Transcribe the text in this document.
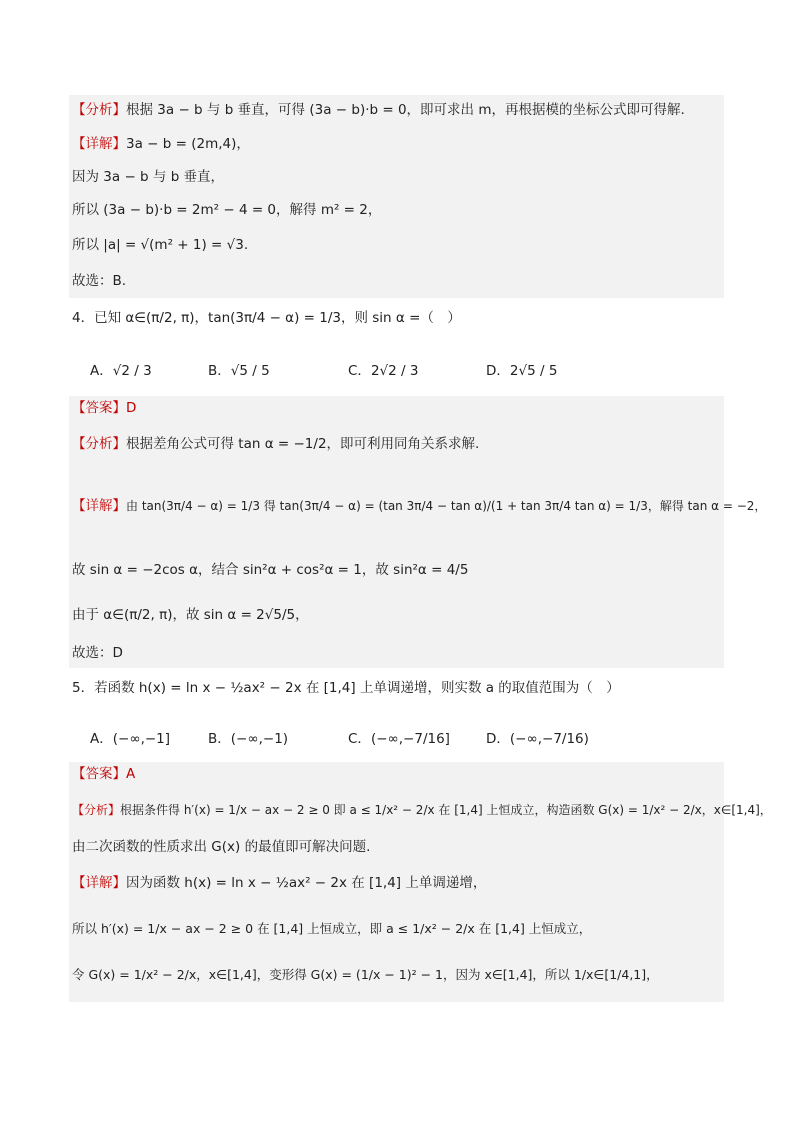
【分析】根据 3a − b 与 b 垂直，可得 (3a − b)·b = 0，即可求出 m，再根据模的坐标公式即可得解.
【详解】3a − b = (2m,4)，
因为 3a − b 与 b 垂直，
所以 (3a − b)·b = 2m² − 4 = 0，解得 m² = 2，
所以 |a| = √(m² + 1) = √3.
故选：B.
4．已知 α∈(π/2, π)，tan(3π/4 − α) = 1/3，则 sin α =（　）
A．√2 / 3	B．√5 / 5	C．2√2 / 3	D．2√5 / 5
【答案】D
【分析】根据差角公式可得 tan α = −1/2，即可利用同角关系求解.
【详解】由 tan(3π/4 − α) = 1/3 得 tan(3π/4 − α) = (tan 3π/4 − tan α)/(1 + tan 3π/4 tan α) = 1/3，解得 tan α = −2，
故 sin α = −2cos α，结合 sin²α + cos²α = 1，故 sin²α = 4/5
由于 α∈(π/2, π)，故 sin α = 2√5/5，
故选：D
5．若函数 h(x) = ln x − ½ax² − 2x 在 [1,4] 上单调递增，则实数 a 的取值范围为（　）
A．(−∞,−1]	B．(−∞,−1)	C．(−∞,−7/16]	D．(−∞,−7/16)
【答案】A
【分析】根据条件得 h′(x) = 1/x − ax − 2 ≥ 0 即 a ≤ 1/x² − 2/x 在 [1,4] 上恒成立，构造函数 G(x) = 1/x² − 2/x，x∈[1,4]，
由二次函数的性质求出 G(x) 的最值即可解决问题.
【详解】因为函数 h(x) = ln x − ½ax² − 2x 在 [1,4] 上单调递增，
所以 h′(x) = 1/x − ax − 2 ≥ 0 在 [1,4] 上恒成立，即 a ≤ 1/x² − 2/x 在 [1,4] 上恒成立，
令 G(x) = 1/x² − 2/x，x∈[1,4]，变形得 G(x) = (1/x − 1)² − 1，因为 x∈[1,4]，所以 1/x∈[1/4,1]，
